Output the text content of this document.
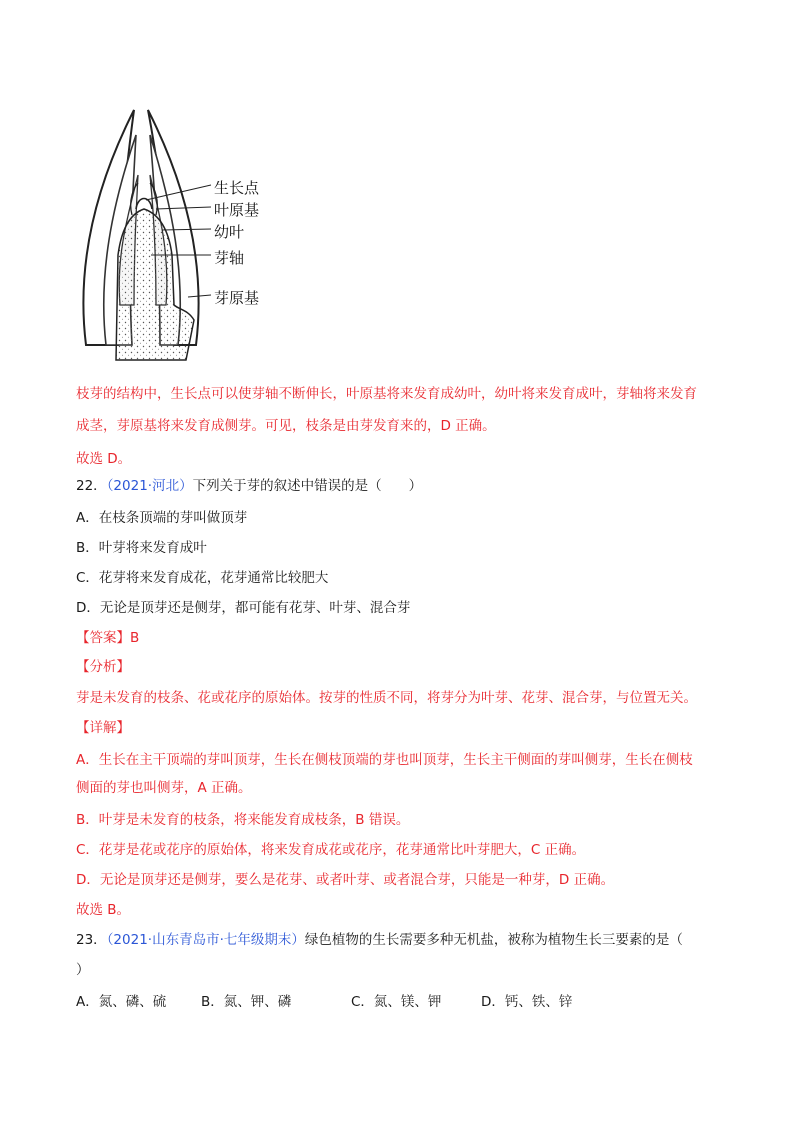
生长点
叶原基
幼叶
芽轴
芽原基
枝芽的结构中，生长点可以使芽轴不断伸长，叶原基将来发育成幼叶，幼叶将来发育成叶，芽轴将来发育
成茎，芽原基将来发育成侧芽。可见，枝条是由芽发育来的，D 正确。
故选 D。
22．（2021·河北）下列关于芽的叙述中错误的是（　　）
A．在枝条顶端的芽叫做顶芽
B．叶芽将来发育成叶
C．花芽将来发育成花，花芽通常比较肥大
D．无论是顶芽还是侧芽，都可能有花芽、叶芽、混合芽
【答案】B
【分析】
芽是未发育的枝条、花或花序的原始体。按芽的性质不同，将芽分为叶芽、花芽、混合芽，与位置无关。
【详解】
A．生长在主干顶端的芽叫顶芽，生长在侧枝顶端的芽也叫顶芽，生长主干侧面的芽叫侧芽，生长在侧枝
侧面的芽也叫侧芽，A 正确。
B．叶芽是未发育的枝条，将来能发育成枝条，B 错误。
C．花芽是花或花序的原始体，将来发育成花或花序，花芽通常比叶芽肥大，C 正确。
D．无论是顶芽还是侧芽，要么是花芽、或者叶芽、或者混合芽，只能是一种芽，D 正确。
故选 B。
23．（2021·山东青岛市·七年级期末）绿色植物的生长需要多种无机盐，被称为植物生长三要素的是（
）
A．氮、磷、硫	B．氮、钾、磷	C．氮、镁、钾	D．钙、铁、锌
